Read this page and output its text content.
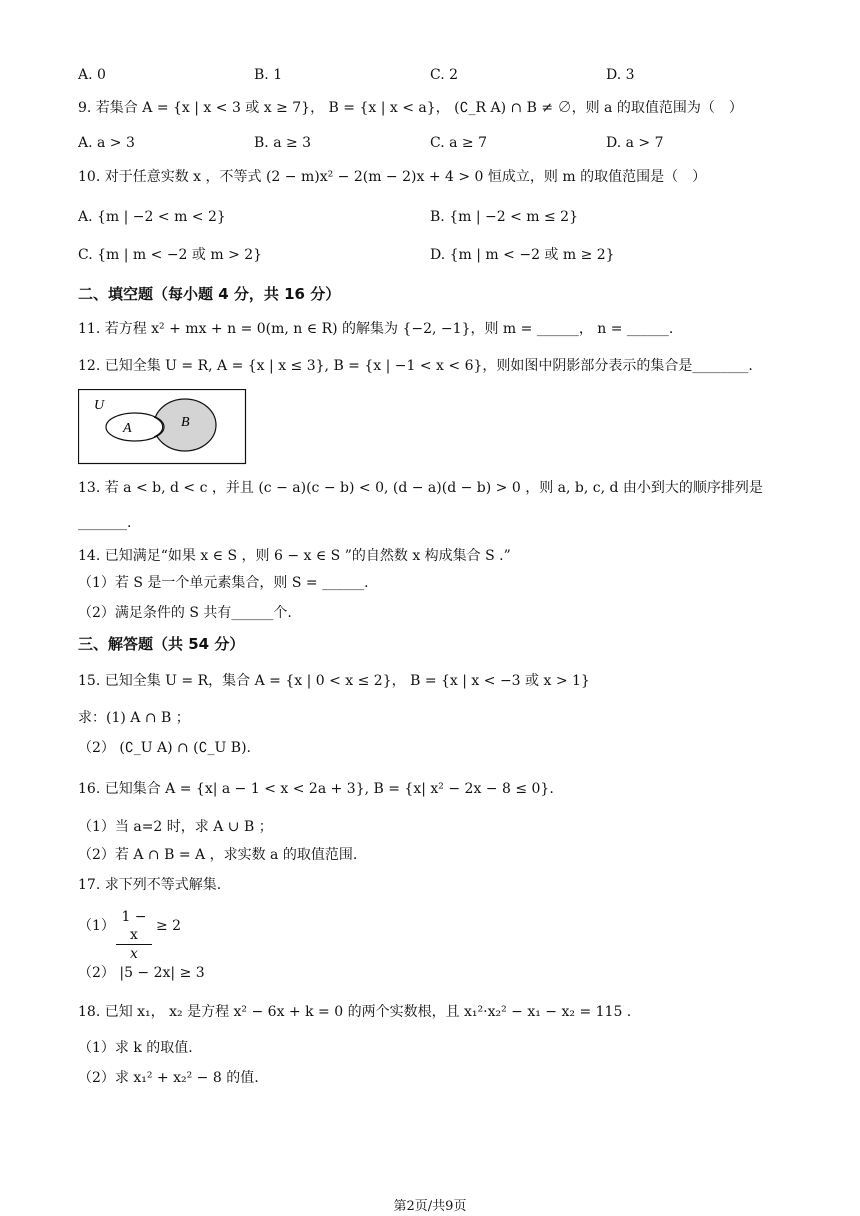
A. 0	B. 1	C. 2	D. 3
9. 若集合 A = {x | x < 3 或 x ≥ 7}， B = {x | x < a}， (∁_R A) ∩ B ≠ ∅，则 a 的取值范围为（　）
A. a > 3	B. a ≥ 3	C. a ≥ 7	D. a > 7
10. 对于任意实数 x ，不等式 (2 − m)x² − 2(m − 2)x + 4 > 0 恒成立，则 m 的取值范围是（　）
A. {m | −2 < m < 2}	B. {m | −2 < m ≤ 2}
C. {m | m < −2 或 m > 2}	D. {m | m < −2 或 m ≥ 2}
二、填空题（每小题 4 分，共 16 分）
11. 若方程 x² + mx + n = 0(m, n ∈ R) 的解集为 {−2, −1}，则 m = ______， n = ______.
12. 已知全集 U = R, A = {x | x ≤ 3}, B = {x | −1 < x < 6}，则如图中阴影部分表示的集合是________.
U
A	B
13. 若 a < b, d < c ，并且 (c − a)(c − b) < 0, (d − a)(d − b) > 0 ，则 a, b, c, d 由小到大的顺序排列是
_______.
14. 已知满足“如果 x ∈ S ，则 6 − x ∈ S ”的自然数 x 构成集合 S .”
（1）若 S 是一个单元素集合，则 S = ______.
（2）满足条件的 S 共有______个.
三、解答题（共 54 分）
15. 已知全集 U = R，集合 A = {x | 0 < x ≤ 2}， B = {x | x < −3 或 x > 1}
求：(1) A ∩ B ；
（2） (∁_U A) ∩ (∁_U B).
16. 已知集合 A = {x| a − 1 < x < 2a + 3}, B = {x| x² − 2x − 8 ≤ 0}.
（1）当 a=2 时，求 A ∪ B ；
（2）若 A ∩ B = A ，求实数 a 的取值范围.
17. 求下列不等式解集.
$(1) \frac{1 - x}{x} \ge 2$
（2） |5 − 2x| ≥ 3
18. 已知 x₁， x₂ 是方程 x² − 6x + k = 0 的两个实数根，且 x₁²·x₂² − x₁ − x₂ = 115 .
（1）求 k 的取值.
（2）求 x₁² + x₂² − 8 的值.
第2页/共9页
